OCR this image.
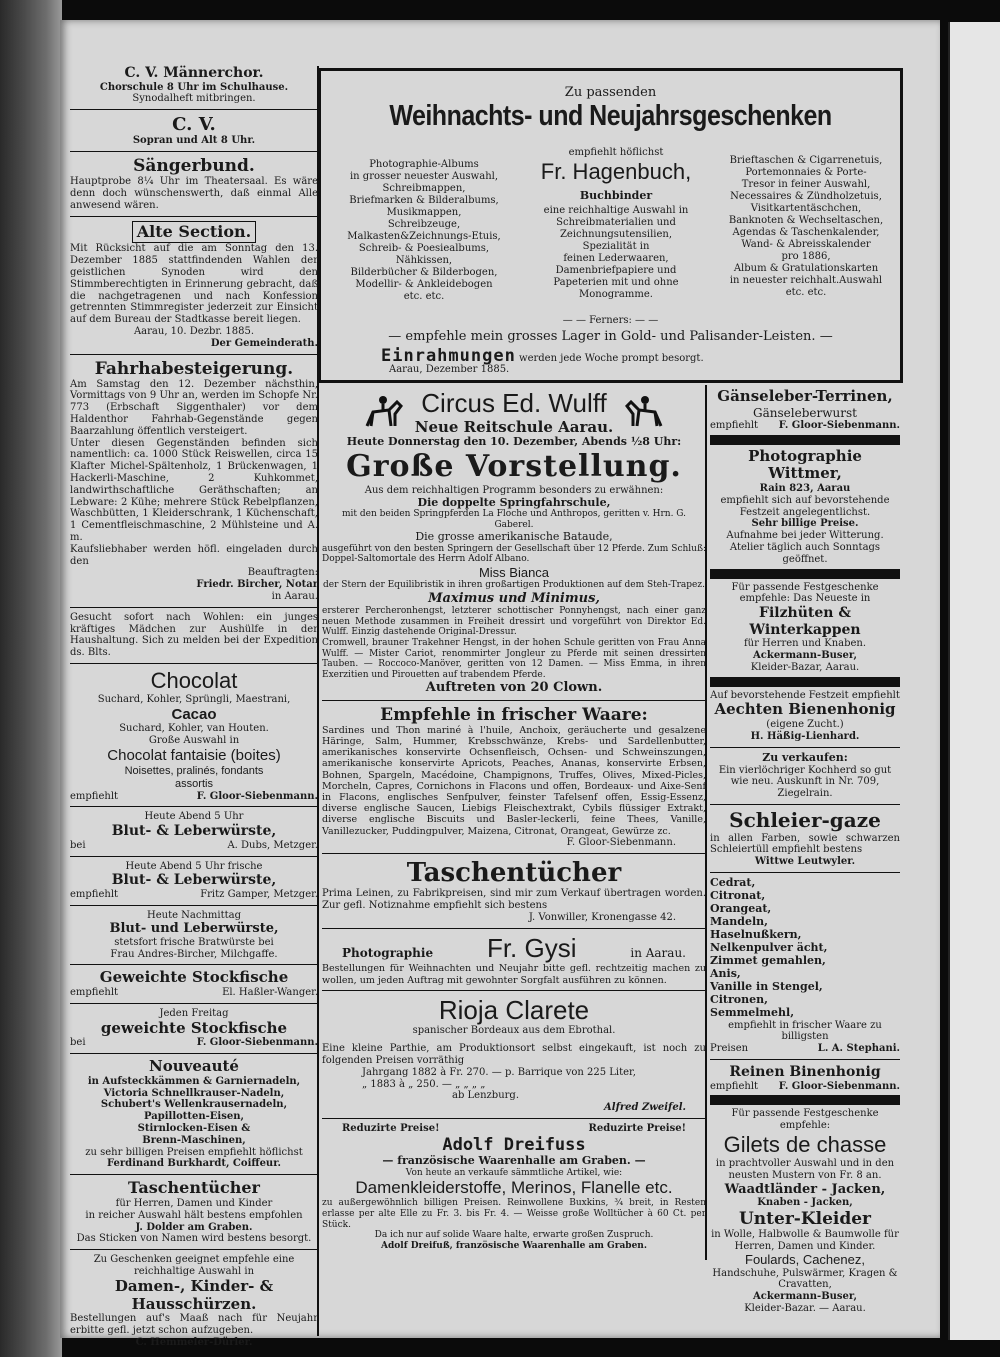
C. V. Männerchor.
Chorschule 8 Uhr im Schulhause.
Synodalheft mitbringen.
C. V.
Sopran und Alt 8 Uhr.
Sängerbund.
Hauptprobe 8¼ Uhr im Theatersaal. Es wäre denn doch wünschenswerth, daß einmal Alle anwesend wären.
Alte Section.
Mit Rücksicht auf die am Sonntag den 13. Dezember 1885 stattfindenden Wahlen der geistlichen Synoden wird den Stimmberechtigten in Erinnerung gebracht, daß die nachgetragenen und nach Konfession getrennten Stimmregister jederzeit zur Einsicht auf dem Bureau der Stadtkasse bereit liegen.
Aarau, 10. Dezbr. 1885.
Der Gemeinderath.
Fahrhabesteigerung.
Am Samstag den 12. Dezember nächsthin, Vormittags von 9 Uhr an, werden im Schopfe Nr. 773 (Erbschaft Siggenthaler) vor dem Haldenthor Fahrhab-Gegenstände gegen Baarzahlung öffentlich versteigert.
Unter diesen Gegenständen befinden sich namentlich: ca. 1000 Stück Reiswellen, circa 15 Klafter Michel-Spältenholz, 1 Brückenwagen, 1 Hackerli-Maschine, 2 Kuhkommet, landwirthschaftliche Geräthschaften; an Lebware: 2 Kühe; mehrere Stück Rebelpflanzen, Waschbütten, 1 Kleiderschrank, 1 Küchenschaft, 1 Cementfleischmaschine, 2 Mühlsteine und A. m.
Kaufsliebhaber werden höfl. eingeladen durch den
Beauftragten:
Friedr. Bircher, Notar
in Aarau.
Gesucht sofort nach Wohlen: ein junges kräftiges Mädchen zur Aushülfe in der Haushaltung. Sich zu melden bei der Expedition ds. Blts.
Chocolat
Suchard, Kohler, Sprüngli, Maestrani,
Cacao
Suchard, Kohler, van Houten.
Große Auswahl in
Chocolat fantaisie (boites)
Noisettes, pralinés, fondants
assortis
empfiehlt	F. Gloor-Siebenmann.
Heute Abend 5 Uhr
Blut- & Leberwürste,
bei	A. Dubs, Metzger.
Heute Abend 5 Uhr frische
Blut- & Leberwürste,
empfiehlt	Fritz Gamper, Metzger.
Heute Nachmittag
Blut- und Leberwürste,
stetsfort frische Bratwürste bei
Frau Andres-Bircher, Milchgaffe.
Geweichte Stockfische
empfiehlt	El. Haßler-Wanger.
Jeden Freitag
geweichte Stockfische
bei	F. Gloor-Siebenmann.
Nouveauté
in Aufsteckkämmen & Garniernadeln,
Victoria Schnellkrauser-Nadeln,
Schubert's Wellenkrausernadeln,
Papillotten-Eisen,
Stirnlocken-Eisen &
Brenn-Maschinen,
zu sehr billigen Preisen empfiehlt höflichst
Ferdinand Burkhardt, Coiffeur.
Taschentücher
für Herren, Damen und Kinder
in reicher Auswahl hält bestens empfohlen
J. Dolder am Graben.
Das Sticken von Namen wird bestens besorgt.
Zu Geschenken geeignet empfehle eine reichhaltige Auswahl in
Damen-, Kinder- &
Hausschürzen.
Bestellungen auf's Maaß nach für Neujahr erbitte gefl. jetzt schon aufzugeben.
C. Hemmeler-Dürler.
Zu passenden
Weihnachts- und Neujahrsgeschenken
Photographie-Albums
in grosser neuester Auswahl,
Schreibmappen,
Briefmarken & Bilderalbums,
Musikmappen,
Schreibzeuge,
Malkasten&Zeichnungs-Etuis,
Schreib- & Poesiealbums,
Nähkissen,
Bilderbücher & Bilderbogen,
Modellir- & Ankleidebogen
etc. etc.
empfiehlt höflichst
Fr. Hagenbuch,
Buchbinder
eine reichhaltige Auswahl in
Schreibmaterialien und
Zeichnungsutensilien,
Spezialität in
feinen Lederwaaren,
Damenbriefpapiere und
Papeterien mit und ohne
Monogramme.
Brieftaschen & Cigarrenetuis,
Portemonnaies & Porte-
Tresor in feiner Auswahl,
Necessaires & Zündholzetuis,
Visitkartentäschchen,
Banknoten & Wechseltaschen,
Agendas & Taschenkalender,
Wand- & Abreisskalender
pro 1886,
Album & Gratulationskarten
in neuester reichhalt.Auswahl
etc. etc.
— — Ferners: — —
— empfehle mein grosses Lager in Gold- und Palisander-Leisten. —
Einrahmungen werden jede Woche prompt besorgt.
Aarau, Dezember 1885.
Circus Ed. Wulff
Neue Reitschule Aarau.
Heute Donnerstag den 10. Dezember, Abends ½8 Uhr:
Große Vorstellung.
Aus dem reichhaltigen Programm besonders zu erwähnen:
Die doppelte Springfahrschule,
mit den beiden Springpferden La Floche und Anthropos, geritten v. Hrn. G. Gaberel.
Die grosse amerikanische Bataude,
ausgeführt von den besten Springern der Gesellschaft über 12 Pferde. Zum Schluß: Doppel-Saltomortale des Herrn Adolf Albano.
Miss Bianca
der Stern der Equilibristik in ihren großartigen Produktionen auf dem Steh-Trapez.
Maximus und Minimus,
ersterer Percheronhengst, letzterer schottischer Ponnyhengst, nach einer ganz neuen Methode zusammen in Freiheit dressirt und vorgeführt von Direktor Ed. Wulff. Einzig dastehende Original-Dressur.
Cromwell, brauner Trakehner Hengst, in der hohen Schule geritten von Frau Anna Wulff. — Mister Cariot, renommirter Jongleur zu Pferde mit seinen dressirten Tauben. — Roccoco-Manöver, geritten von 12 Damen. — Miss Emma, in ihren Exerzitien und Pirouetten auf trabendem Pferde.
Auftreten von 20 Clown.
Empfehle in frischer Waare:
Sardines und Thon mariné à l'huile, Anchoix, geräucherte und gesalzene Häringe, Salm, Hummer, Krebsschwänze, Krebs- und Sardellenbutter, amerikanisches konservirte Ochsenfleisch, Ochsen- und Schweinszungen, amerikanische konservirte Apricots, Peaches, Ananas, konservirte Erbsen, Bohnen, Spargeln, Macédoine, Champignons, Truffes, Olives, Mixed-Picles, Morcheln, Capres, Cornichons in Flacons und offen, Bordeaux- und Aixe-Senf in Flacons, englisches Senfpulver, feinster Tafelsenf offen, Essig-Essenz, diverse englische Saucen, Liebigs Fleischextrakt, Cybils flüssiger Extrakt, diverse englische Biscuits und Basler-leckerli, feine Thees, Vanille, Vanillezucker, Puddingpulver, Maizena, Citronat, Orangeat, Gewürze zc.
F. Gloor-Siebenmann.
Taschentücher
Prima Leinen, zu Fabrikpreisen, sind mir zum Verkauf übertragen worden. Zur gefl. Notiznahme empfiehlt sich bestens
J. Vonwiller, Kronengasse 42.
Photographie Fr. Gysi	in Aarau.
Bestellungen für Weihnachten und Neujahr bitte gefl. rechtzeitig machen zu wollen, um jeden Auftrag mit gewohnter Sorgfalt ausführen zu können.
Rioja Clarete
spanischer Bordeaux aus dem Ebrothal.
Eine kleine Parthie, am Produktionsort selbst eingekauft, ist noch zu folgenden Preisen vorräthig
Jahrgang 1882 à Fr. 270. — p. Barrique von 225 Liter,
„ 1883 à „ 250. — „ „ „ „
ab Lenzburg.
Alfred Zweifel.
Reduzirte Preise!	Reduzirte Preise!
Adolf Dreifuss
— französische Waarenhalle am Graben. —
Von heute an verkaufe sämmtliche Artikel, wie:
Damenkleiderstoffe, Merinos, Flanelle etc.
zu außergewöhnlich billigen Preisen. Reinwollene Buxkins, ¾ breit, in Resten erlasse per alte Elle zu Fr. 3. bis Fr. 4. — Weisse große Wolltücher à 60 Ct. per Stück.
Da ich nur auf solide Waare halte, erwarte großen Zuspruch.
Adolf Dreifuß, französische Waarenhalle am Graben.
Gänseleber-Terrinen,
Gänseleberwurst
empfiehlt F. Gloor-Siebenmann.
Photographie Wittmer,
Rain 823, Aarau
empfiehlt sich auf bevorstehende Festzeit angelegentlichst.
Sehr billige Preise.
Aufnahme bei jeder Witterung.
Atelier täglich auch Sonntags geöffnet.
Für passende Festgeschenke empfehle: Das Neueste in
Filzhüten & Winterkappen
für Herren und Knaben.
Ackermann-Buser,
Kleider-Bazar, Aarau.
Auf bevorstehende Festzeit empfiehlt
Aechten Bienenhonig
(eigene Zucht.)
H. Häßig-Lienhard.
Zu verkaufen:
Ein vierlöchriger Kochherd so gut wie neu. Auskunft in Nr. 709, Ziegelrain.
Schleier-gaze
in allen Farben, sowie schwarzen Schleiertüll empfiehlt bestens
Wittwe Leutwyler.
Cedrat,
Citronat,
Orangeat,
Mandeln,
Haselnußkern,
Nelkenpulver ächt,
Zimmet gemahlen,
Anis,
Vanille in Stengel,
Citronen,
Semmelmehl,
empfiehlt in frischer Waare zu billigsten
Preisen	L. A. Stephani.
Reinen Binenhonig
empfiehlt F. Gloor-Siebenmann.
Für passende Festgeschenke empfehle:
Gilets de chasse
in prachtvoller Auswahl und in den neusten Mustern von Fr. 8 an.
Waadtländer - Jacken,
Knaben - Jacken,
Unter-Kleider
in Wolle, Halbwolle & Baumwolle für Herren, Damen und Kinder.
Foulards, Cachenez,
Handschuhe, Pulswärmer, Kragen & Cravatten,
Ackermann-Buser,
Kleider-Bazar. — Aarau.
